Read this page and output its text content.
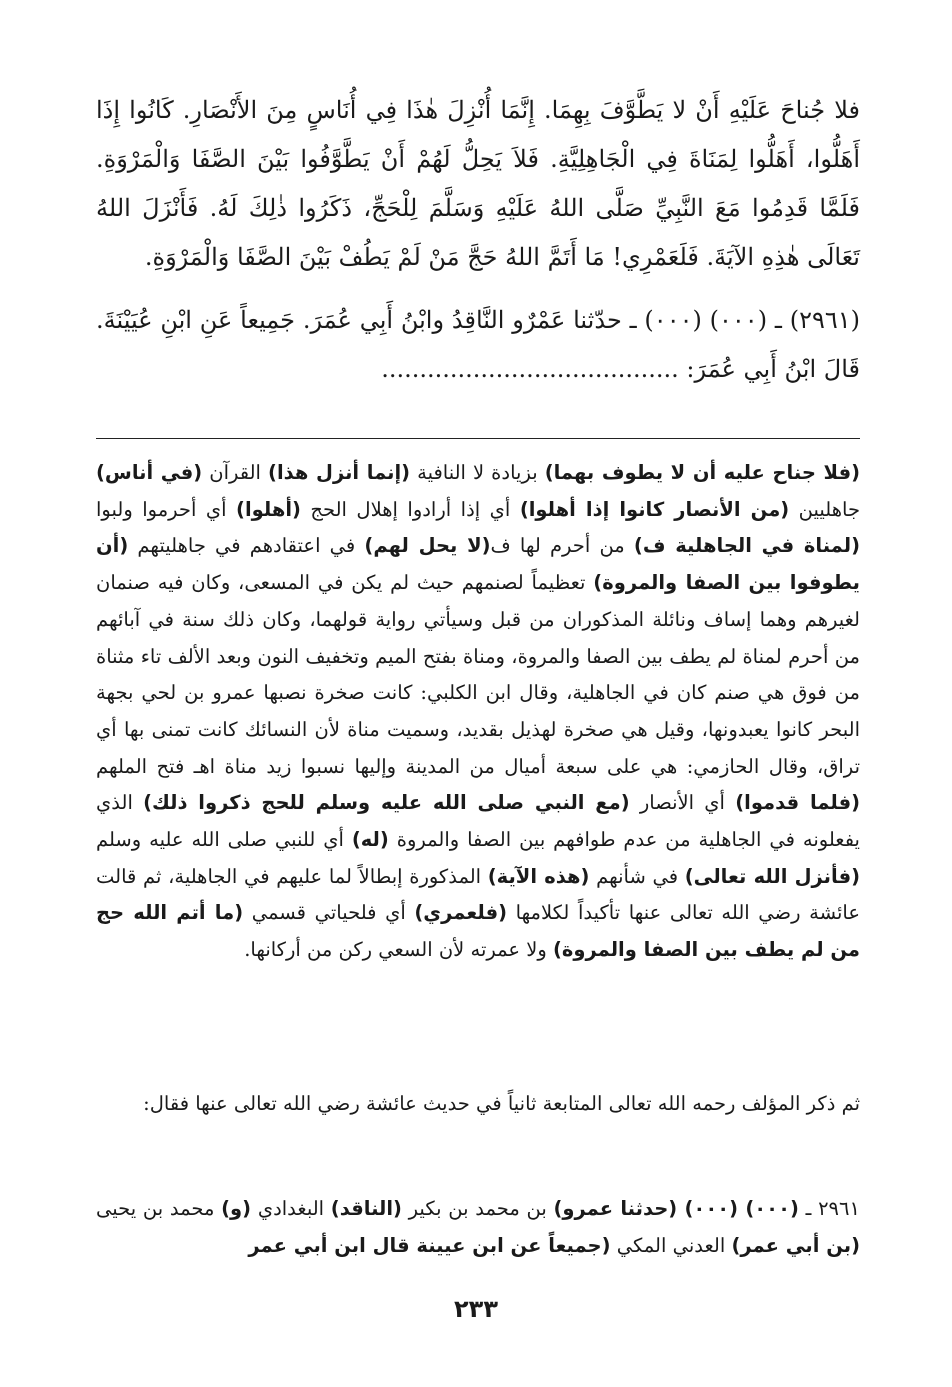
فلا جُناحَ عَلَيْهِ أَنْ لا يَطَّوَّفَ بِهِمَا. إِنَّمَا أُنْزِلَ هٰذَا فِي أُنَاسٍ مِنَ الأَنْصَارِ. كَانُوا إِذَا أَهَلُّوا، أَهَلُّوا لِمَنَاةَ فِي الْجَاهِلِيَّةِ. فَلاَ يَحِلُّ لَهُمْ أَنْ يَطَّوَّفُوا بَيْنَ الصَّفَا وَالْمَرْوَةِ. فَلَمَّا قَدِمُوا مَعَ النَّبِيِّ صَلَّى اللهُ عَلَيْهِ وَسَلَّمَ لِلْحَجِّ، ذَكَرُوا ذٰلِكَ لَهُ. فَأَنْزَلَ اللهُ تَعَالَى هٰذِهِ الآيَةَ. فَلَعَمْرِي! مَا أَتَمَّ اللهُ حَجَّ مَنْ لَمْ يَطُفْ بَيْنَ الصَّفَا وَالْمَرْوَةِ.

(٢٩٦١) ـ (٠٠٠) (٠٠٠) ـ حدّثنا عَمْرٌو النَّاقِدُ وابْنُ أَبِي عُمَرَ. جَمِيعاً عَنِ ابْنِ عُيَيْنَةَ. قَالَ ابْنُ أَبِي عُمَرَ: .......................................

(فلا جناح عليه أن لا يطوف بهما) بزيادة لا النافية (إنما أنزل هذا) القرآن (في أناس) جاهليين (من الأنصار كانوا إذا أهلوا) أي إذا أرادوا إهلال الحج (أهلوا) أي أحرموا ولبوا (لمناة في الجاهلية ف) من أحرم لها ف(لا يحل لهم) في اعتقادهم في جاهليتهم (أن يطوفوا بين الصفا والمروة) تعظيماً لصنمهم حيث لم يكن في المسعى، وكان فيه صنمان لغيرهم وهما إساف ونائلة المذكوران من قبل وسيأتي رواية قولهما، وكان ذلك سنة في آبائهم من أحرم لمناة لم يطف بين الصفا والمروة، ومناة بفتح الميم وتخفيف النون وبعد الألف تاء مثناة من فوق هي صنم كان في الجاهلية، وقال ابن الكلبي: كانت صخرة نصبها عمرو بن لحي بجهة البحر كانوا يعبدونها، وقيل هي صخرة لهذيل بقديد، وسميت مناة لأن النسائك كانت تمنى بها أي تراق، وقال الحازمي: هي على سبعة أميال من المدينة وإليها نسبوا زيد مناة اهـ فتح الملهم (فلما قدموا) أي الأنصار (مع النبي صلى الله عليه وسلم للحج ذكروا ذلك) الذي يفعلونه في الجاهلية من عدم طوافهم بين الصفا والمروة (له) أي للنبي صلى الله عليه وسلم (فأنزل الله تعالى) في شأنهم (هذه الآية) المذكورة إبطالاً لما عليهم في الجاهلية، ثم قالت عائشة رضي الله تعالى عنها تأكيداً لكلامها (فلعمري) أي فلحياتي قسمي (ما أتم الله حج من لم يطف بين الصفا والمروة) ولا عمرته لأن السعي ركن من أركانها.

ثم ذكر المؤلف رحمه الله تعالى المتابعة ثانياً في حديث عائشة رضي الله تعالى عنها فقال:

٢٩٦١ ـ (٠٠٠) (٠٠٠) (حدثنا عمرو) بن محمد بن بكير (الناقد) البغدادي (و) محمد بن يحيى (بن أبي عمر) العدني المكي (جميعاً عن ابن عيينة قال ابن أبي عمر

٢٣٣
